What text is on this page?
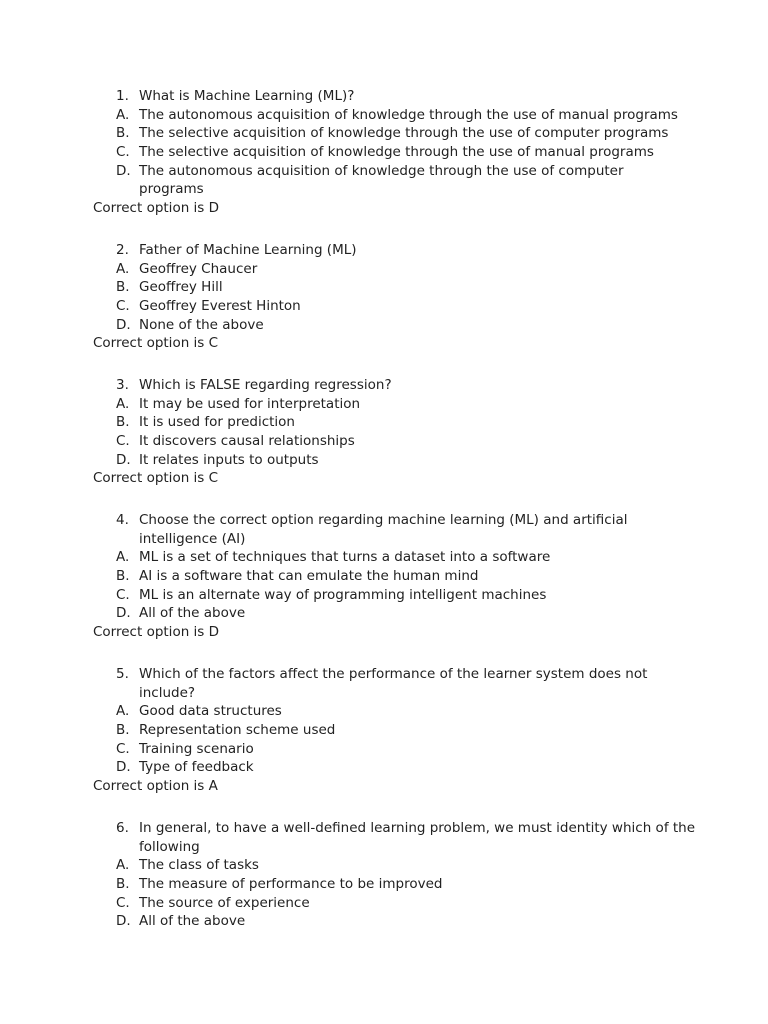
1. What is Machine Learning (ML)?
A. The autonomous acquisition of knowledge through the use of manual programs
B. The selective acquisition of knowledge through the use of computer programs
C. The selective acquisition of knowledge through the use of manual programs
D. The autonomous acquisition of knowledge through the use of computer
programs
Correct option is D
2. Father of Machine Learning (ML)
A. Geoffrey Chaucer
B. Geoffrey Hill
C. Geoffrey Everest Hinton
D. None of the above
Correct option is C
3. Which is FALSE regarding regression?
A. It may be used for interpretation
B. It is used for prediction
C. It discovers causal relationships
D. It relates inputs to outputs
Correct option is C
4. Choose the correct option regarding machine learning (ML) and artificial
intelligence (AI)
A. ML is a set of techniques that turns a dataset into a software
B. AI is a software that can emulate the human mind
C. ML is an alternate way of programming intelligent machines
D. All of the above
Correct option is D
5. Which of the factors affect the performance of the learner system does not
include?
A. Good data structures
B. Representation scheme used
C. Training scenario
D. Type of feedback
Correct option is A
6. In general, to have a well-defined learning problem, we must identity which of the
following
A. The class of tasks
B. The measure of performance to be improved
C. The source of experience
D. All of the above
